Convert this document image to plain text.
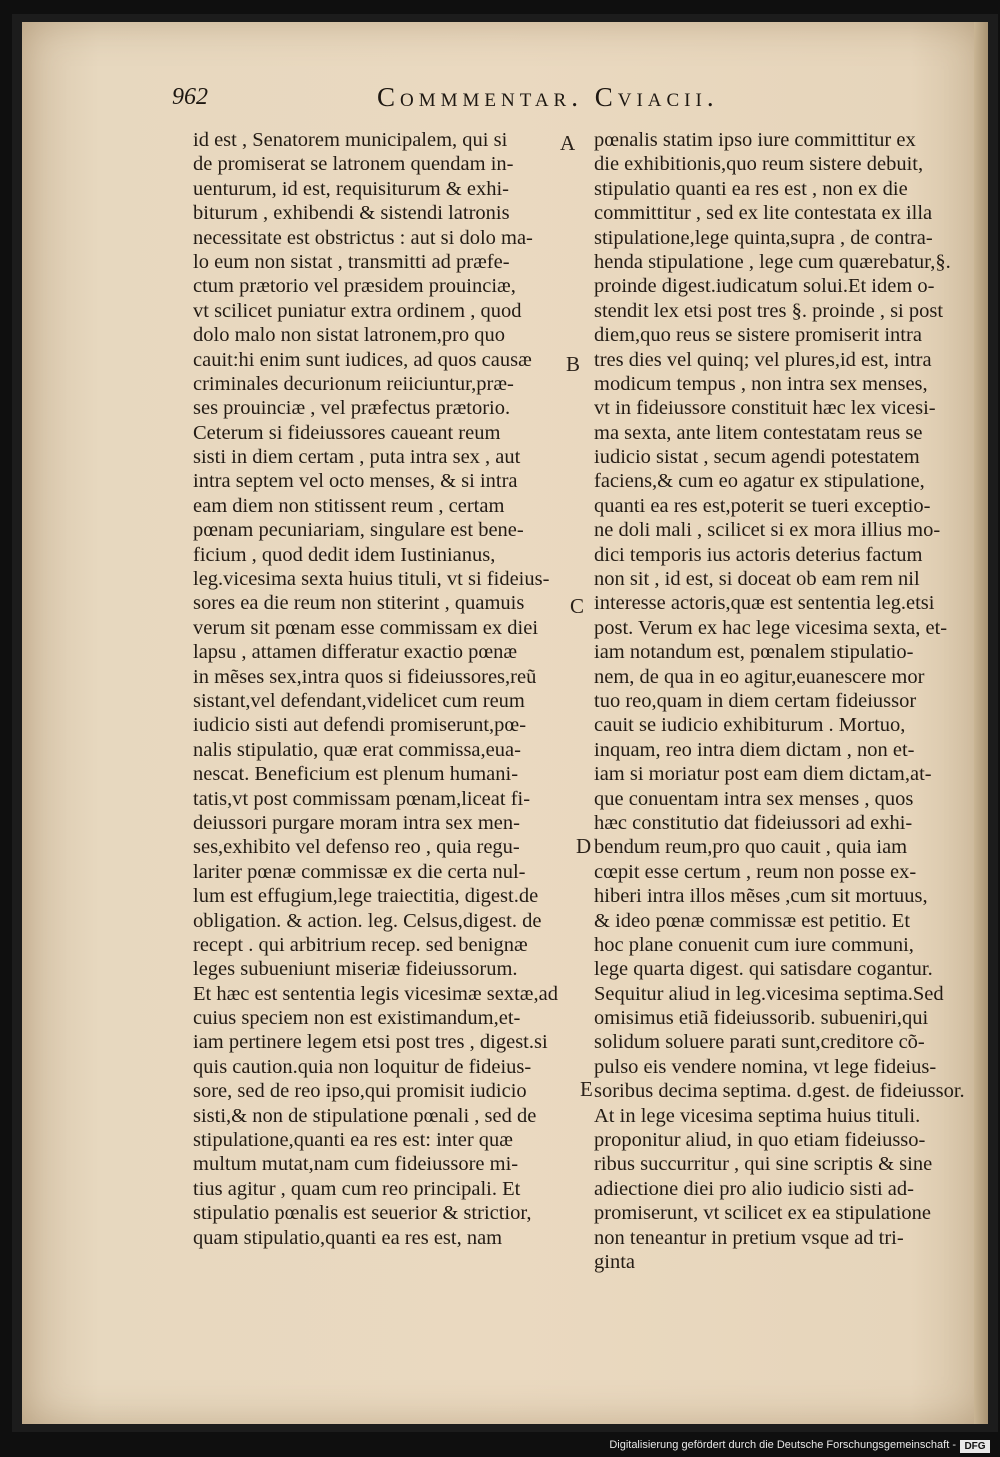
962	Commmentar. Cviacii.
id est , Senatorem municipalem, qui si
de promiserat se latronem quendam in-
uenturum, id est, requisiturum & exhi-
biturum , exhibendi & sistendi latronis
necessitate est obstrictus : aut si dolo ma-
lo eum non sistat , transmitti ad præfe-
ctum prætorio vel præsidem prouinciæ,
vt scilicet puniatur extra ordinem , quod
dolo malo non sistat latronem,pro quo
cauit:hi enim sunt iudices, ad quos causæ
criminales decurionum reiiciuntur,præ-
ses prouinciæ , vel præfectus prætorio.
Ceterum si fideiussores caueant reum
sisti in diem certam , puta intra sex , aut
intra septem vel octo menses, & si intra
eam diem non stitissent reum , certam
pœnam pecuniariam, singulare est bene-
ficium , quod dedit idem Iustinianus,
leg.vicesima sexta huius tituli, vt si fideius-
sores ea die reum non stiterint , quamuis
verum sit pœnam esse commissam ex diei
lapsu , attamen differatur exactio pœnæ
in mẽses sex,intra quos si fideiussores,reũ
sistant,vel defendant,videlicet cum reum
iudicio sisti aut defendi promiserunt,pœ-
nalis stipulatio, quæ erat commissa,eua-
nescat. Beneficium est plenum humani-
tatis,vt post commissam pœnam,liceat fi-
deiussori purgare moram intra sex men-
ses,exhibito vel defenso reo , quia regu-
lariter pœnæ commissæ ex die certa nul-
lum est effugium,lege traiectitia, digest.de
obligation. & action. leg. Celsus,digest. de
recept . qui arbitrium recep. sed benignæ
leges subueniunt miseriæ fideiussorum.
Et hæc est sententia legis vicesimæ sextæ,ad
cuius speciem non est existimandum,et-
iam pertinere legem etsi post tres , digest.si
quis caution.quia non loquitur de fideius-
sore, sed de reo ipso,qui promisit iudicio
sisti,& non de stipulatione pœnali , sed de
stipulatione,quanti ea res est: inter quæ
multum mutat,nam cum fideiussore mi-
tius agitur , quam cum reo principali. Et
stipulatio pœnalis est seuerior & strictior,
quam stipulatio,quanti ea res est, nam
pœnalis statim ipso iure committitur ex
die exhibitionis,quo reum sistere debuit,
stipulatio quanti ea res est , non ex die
committitur , sed ex lite contestata ex illa
stipulatione,lege quinta,supra , de contra-
henda stipulatione , lege cum quærebatur,§.
proinde digest.iudicatum solui.Et idem o-
stendit lex etsi post tres §. proinde , si post
diem,quo reus se sistere promiserit intra
tres dies vel quinq; vel plures,id est, intra
modicum tempus , non intra sex menses,
vt in fideiussore constituit hæc lex vicesi-
ma sexta, ante litem contestatam reus se
iudicio sistat , secum agendi potestatem
faciens,& cum eo agatur ex stipulatione,
quanti ea res est,poterit se tueri exceptio-
ne doli mali , scilicet si ex mora illius mo-
dici temporis ius actoris deterius factum
non sit , id est, si doceat ob eam rem nil
interesse actoris,quæ est sententia leg.etsi
post. Verum ex hac lege vicesima sexta, et-
iam notandum est, pœnalem stipulatio-
nem, de qua in eo agitur,euanescere mor
tuo reo,quam in diem certam fideiussor
cauit se iudicio exhibiturum . Mortuo,
inquam, reo intra diem dictam , non et-
iam si moriatur post eam diem dictam,at-
que conuentam intra sex menses , quos
hæc constitutio dat fideiussori ad exhi-
bendum reum,pro quo cauit , quia iam
cœpit esse certum , reum non posse ex-
hiberi intra illos mẽses ,cum sit mortuus,
& ideo pœnæ commissæ est petitio. Et
hoc plane conuenit cum iure communi,
lege quarta digest. qui satisdare cogantur.
Sequitur aliud in leg.vicesima septima.Sed
omisimus etiã fideiussorib. subueniri,qui
solidum soluere parati sunt,creditore cõ-
pulso eis vendere nomina, vt lege fideius-
soribus decima septima. d.gest. de fideiussor.
At in lege vicesima septima huius tituli.
proponitur aliud, in quo etiam fideiusso-
ribus succurritur , qui sine scriptis & sine
adiectione diei pro alio iudicio sisti ad-
promiserunt, vt scilicet ex ea stipulatione
non teneantur in pretium vsque ad tri-
ginta
A
B
C
D
E
Digitalisierung gefördert durch die Deutsche Forschungsgemeinschaft - DFG
